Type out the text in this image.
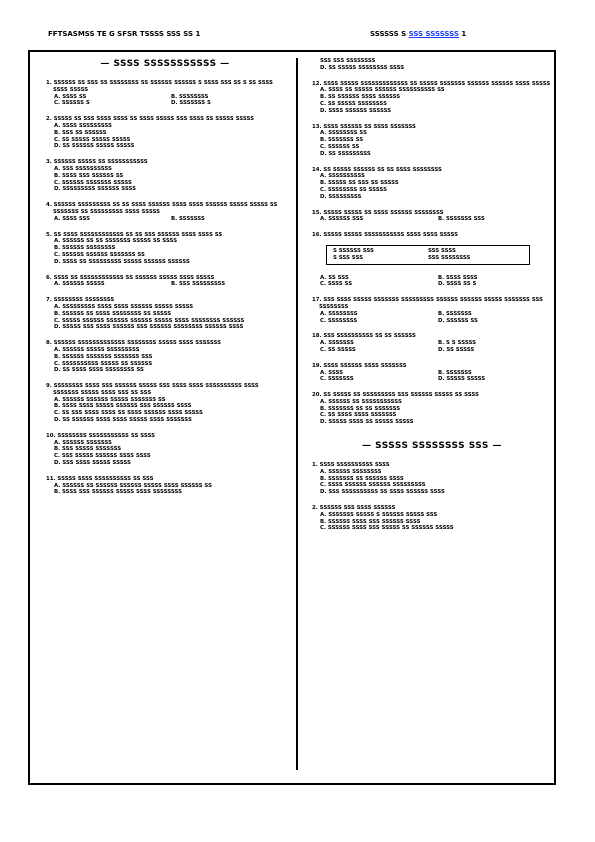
FFTSASMSS TE G SFSR TSSSS SSS SS 1	SSSSSS S SSS SSSSSSS 1
— SSSS SSSSSSSSSSS —
1. SSSSSS SS SSS SS SSSSSSSS SS SSSSSS SSSSSS S SSSS SSS SS S SS SSSS SSSS SSSSS
A. SSSS SS	B. SSSSSSSS
C. SSSSSS S	D. SSSSSSS S
2. SSSSS SS SSS SSSS SSSS SS SSSS SSSSS SSS SSSS SS SSSSS SSSSS
A. SSSS SSSSSSSSS
B. SSS SS SSSSSS
C. SS SSSSS SSSSS SSSSS
D. SS SSSSSS SSSSS SSSSS
3. SSSSSS SSSSS SS SSSSSSSSSSS
A. SSS SSSSSSSSSS
B. SSSS SSS SSSSSS SS
C. SSSSSS SSSSSSS SSSSS
D. SSSSSSSSS SSSSSS SSSS
4. SSSSSS SSSSSSSSS SS SS SSSS SSSSSS SSSS SSSS SSSSSS SSSSS SSSSS SS SSSSSSS SS SSSSSSSSS SSSS SSSSS
A. SSSS SSS	B. SSSSSSS
5. SS SSSS SSSSSSSSSSSS SS SS SSS SSSSSS SSSS SSSS SS
A. SSSSSS SS SS SSSSSSS SSSSS SS SSSS
B. SSSSSS SSSSSSSS
C. SSSSSS SSSSSS SSSSSSS SS
D. SSSS SS SSSSSSSSS SSSSS SSSSSS SSSSSS
6. SSSS SS SSSSSSSSSSSS SS SSSSSS SSSSS SSSS SSSSS
A. SSSSSS SSSSS	B. SSS SSSSSSSSS
7. SSSSSSSS SSSSSSSS
A. SSSSSSSSS SSSS SSSS SSSSSS SSSSS SSSSS
B. SSSSSS SS SSSS SSSSSSSS SS SSSSS
C. SSSSS SSSSSS SSSSSS SSSSSS SSSSS SSSS SSSSSSSS SSSSSS
D. SSSSS SSS SSSS SSSSSS SSS SSSSSS SSSSSSSS SSSSSS SSSS
8. SSSSSS SSSSSSSSSSSSS SSSSSSSS SSSSS SSSS SSSSSSS
A. SSSSSS SSSSS SSSSSSSSS
B. SSSSSS SSSSSSS SSSSSSS SSS
C. SSSSSSSSSS SSSSS SS SSSSSS
D. SS SSSS SSSS SSSSSSSS SS
9. SSSSSSSS SSSS SSS SSSSSS SSSSS SSS SSSS SSSS SSSSSSSSSS SSSS SSSSSSS SSSSS SSSS SSS SS SSS
A. SSSSSS SSSSSS SSSSS SSSSSSS SS
B. SSSS SSSS SSSSS SSSSSS SSS SSSSSS SSSS
C. SS SSS SSSS SSSS SS SSSS SSSSSS SSSS SSSSS
D. SS SSSSSS SSSS SSSS SSSSS SSSS SSSSSSS
10. SSSSSSSS SSSSSSSSSSS SS SSSS
A. SSSSSS SSSSSSS
B. SSS SSSSS SSSSSSS
C. SSS SSSSS SSSSSS SSSS SSSS
D. SSS SSSS SSSSS SSSSS
11. SSSSS SSSS SSSSSSSSSS SS SSS
A. SSSSSS SS SSSSSS SSSSSS SSSSS SSSS SSSSSS SS
B. SSSS SSS SSSSSS SSSSS SSSS SSSSSSSS
SSS SSS SSSSSSSS
D. SS SSSSS SSSSSSSS SSSS
12. SSSS SSSSS SSSSSSSSSSSSS SS SSSSS SSSSSSS SSSSSS SSSSSS SSSS SSSSS
A. SSSS SS SSSSS SSSSSS SSSSSSSSSS SS
B. SS SSSSSS SSSS SSSSSS
C. SS SSSSS SSSSSSSS
D. SSSS SSSSSS SSSSSS
13. SSSS SSSSSS SS SSSS SSSSSSS
A. SSSSSSSS SS
B. SSSSSSS SS
C. SSSSSS SS
D. SS SSSSSSSSS
14. SS SSSSS SSSSSS SS SS SSSS SSSSSSSS
A. SSSSSSSSSS
B. SSSSS SS SSS SS SSSSS
C. SSSSSSSS SS SSSSS
D. SSSSSSSSS
15. SSSSS SSSSS SS SSSS SSSSSS SSSSSSSS
A. SSSSSS SSS	B. SSSSSSS SSS
16. SSSSS SSSSS SSSSSSSSSSS SSSS SSSS SSSSS
S SSSSSS SSS	SSS SSSS
S SSS SSS	SSS SSSSSSSS
A. SS SSS	B. SSSS SSSS
C. SSSS SS	D. SSSS SS S
17. SSS SSSS SSSSS SSSSSSS SSSSSSSSS SSSSSS SSSSSS SSSSS SSSSSSS SSS SSSSSSSS
A. SSSSSSSS	B. SSSSSSS
C. SSSSSSSS	D. SSSSSS SS
18. SSS SSSSSSSSSS SS SS SSSSSS
A. SSSSSSS	B. S S SSSSS
C. SS SSSSS	D. SS SSSSS
19. SSSS SSSSSS SSSS SSSSSSS
A. SSSS	B. SSSSSSS
C. SSSSSSS	D. SSSSS SSSSS
20. SS SSSSS SS SSSSSSSSS SSS SSSSSS SSSSS SS SSSS
A. SSSSSS SS SSSSSSSSSSS
B. SSSSSSS SS SS SSSSSSS
C. SS SSSS SSSS SSSSSSS
D. SSSSS SSSS SS SSSSS SSSSS
— SSSSS SSSSSSSS SSS —
1. SSSS SSSSSSSSSS SSSS
A. SSSSSS SSSSSSSS
B. SSSSSSS SS SSSSSS SSSS
C. SSSS SSSSSS SSSSSS SSSSSSSSS
D. SSS SSSSSSSSSS SS SSSS SSSSSS SSSS
2. SSSSSS SSS SSSS SSSSSS
A. SSSSSSS SSSSS S SSSSSS SSSSS SSS
B. SSSSSS SSSS SSS SSSSSS SSSS
C. SSSSSS SSSS SSS SSSSS SS SSSSSS SSSSS
